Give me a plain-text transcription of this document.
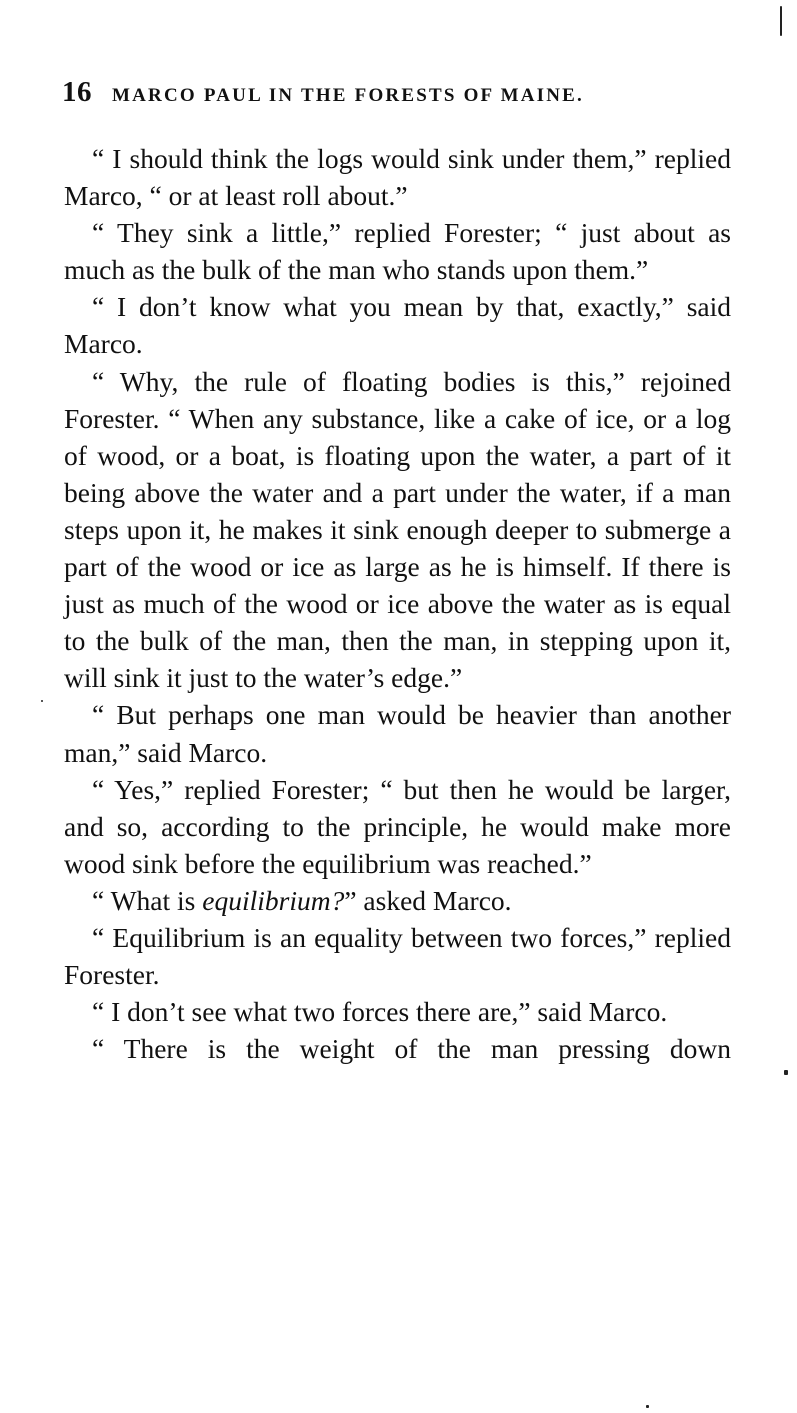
16 MARCO PAUL IN THE FORESTS OF MAINE.

“ I should think the logs would sink under them,” replied Marco, “ or at least roll about.”

“ They sink a little,” replied Forester; “ just about as much as the bulk of the man who stands upon them.”

“ I don’t know what you mean by that, exactly,” said Marco.

“ Why, the rule of floating bodies is this,” rejoined Forester. “ When any substance, like a cake of ice, or a log of wood, or a boat, is floating upon the water, a part of it being above the water and a part under the water, if a man steps upon it, he makes it sink enough deeper to submerge a part of the wood or ice as large as he is himself. If there is just as much of the wood or ice above the water as is equal to the bulk of the man, then the man, in stepping upon it, will sink it just to the water’s edge.”

“ But perhaps one man would be heavier than another man,” said Marco.

“ Yes,” replied Forester; “ but then he would be larger, and so, according to the principle, he would make more wood sink before the equilibrium was reached.”

“ What is equilibrium?” asked Marco.

“ Equilibrium is an equality between two forces,” replied Forester.

“ I don’t see what two forces there are,” said Marco.

“ There is the weight of the man pressing down
